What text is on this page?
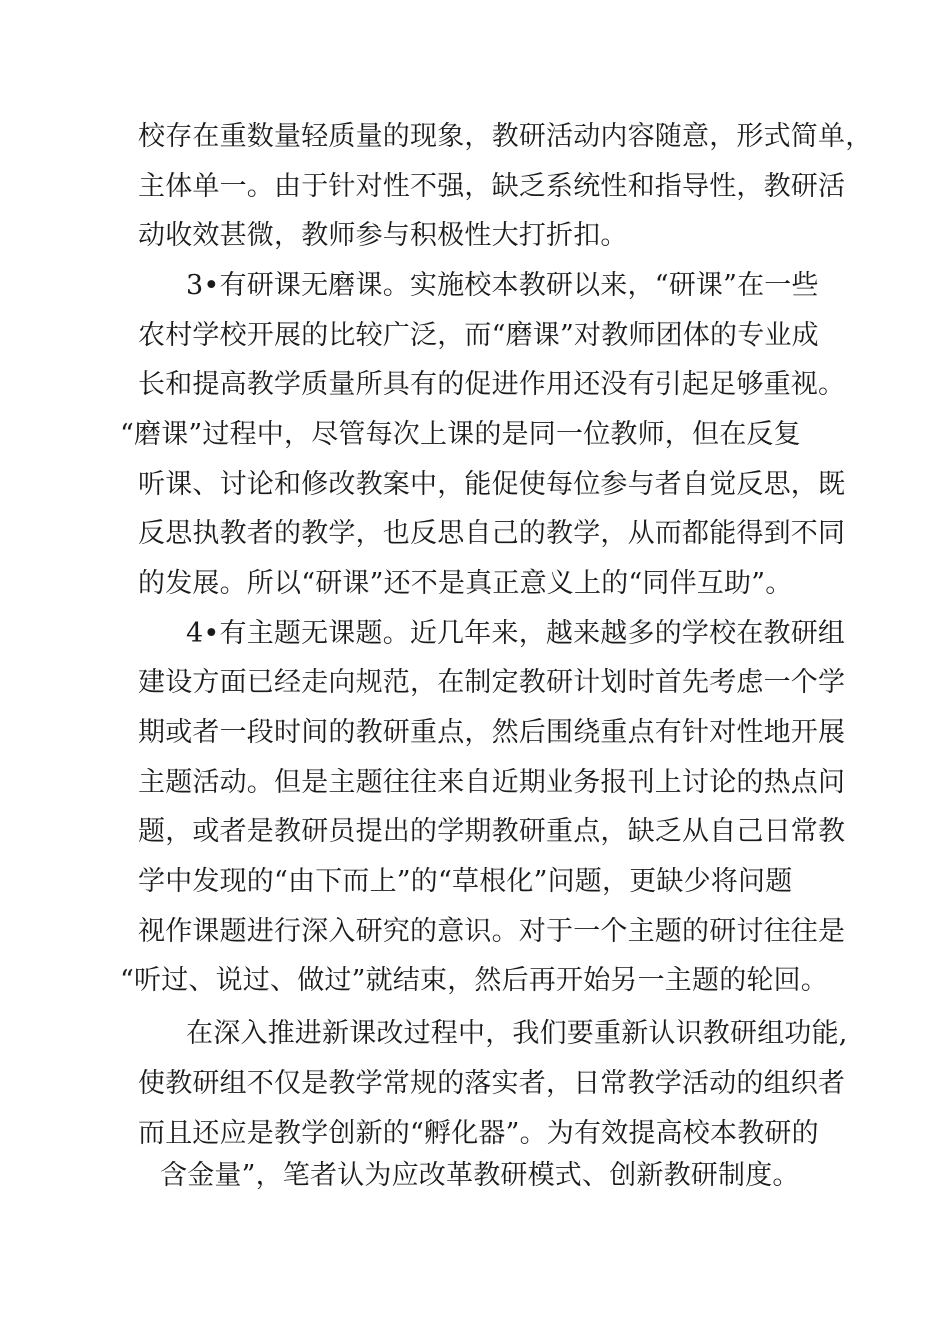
校存在重数量轻质量的现象，教研活动内容随意，形式简单，
主体单一。由于针对性不强，缺乏系统性和指导性，教研活
动收效甚微，教师参与积极性大打折扣。
3•有研课无磨课。实施校本教研以来，“研课”在一些
农村学校开展的比较广泛，而“磨课”对教师团体的专业成
长和提高教学质量所具有的促进作用还没有引起足够重视。
“磨课”过程中，尽管每次上课的是同一位教师，但在反复
听课、讨论和修改教案中，能促使每位参与者自觉反思，既
反思执教者的教学，也反思自己的教学，从而都能得到不同
的发展。所以“研课”还不是真正意义上的“同伴互助”。
4•有主题无课题。近几年来，越来越多的学校在教研组
建设方面已经走向规范，在制定教研计划时首先考虑一个学
期或者一段时间的教研重点，然后围绕重点有针对性地开展
主题活动。但是主题往往来自近期业务报刊上讨论的热点问
题，或者是教研员提出的学期教研重点，缺乏从自己日常教
学中发现的“由下而上”的“草根化”问题，更缺少将问题
视作课题进行深入研究的意识。对于一个主题的研讨往往是
“听过、说过、做过”就结束，然后再开始另一主题的轮回。
在深入推进新课改过程中，我们要重新认识教研组功能,
使教研组不仅是教学常规的落实者，日常教学活动的组织者
而且还应是教学创新的“孵化器”。为有效提高校本教研的
含金量”，笔者认为应改革教研模式、创新教研制度。
